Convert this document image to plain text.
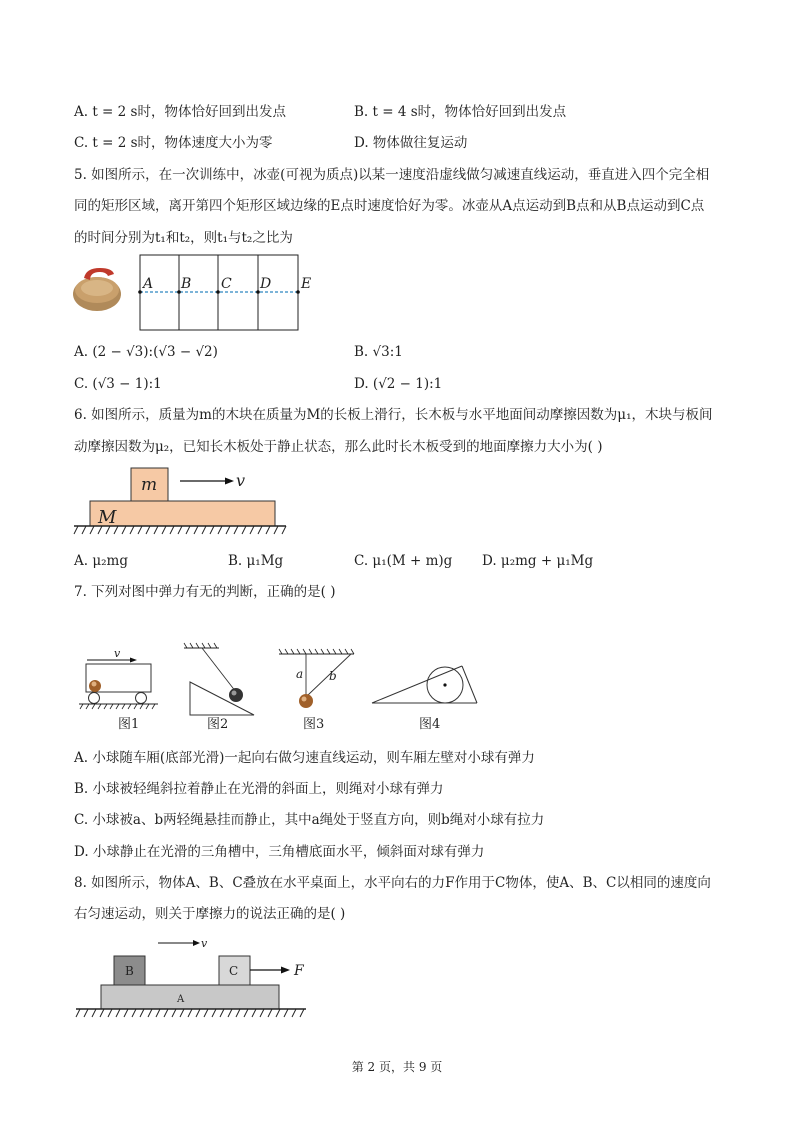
A. t = 2 s时，物体恰好回到出发点	B. t = 4 s时，物体恰好回到出发点
C. t = 2 s时，物体速度大小为零	D. 物体做往复运动
5. 如图所示，在一次训练中，冰壶(可视为质点)以某一速度沿虚线做匀减速直线运动，垂直进入四个完全相
同的矩形区域，离开第四个矩形区域边缘的E点时速度恰好为零。冰壶从A点运动到B点和从B点运动到C点
的时间分别为t₁和t₂，则t₁与t₂之比为
A B C D E
A. (2 − √3):(√3 − √2)	B. √3:1
C. (√3 − 1):1	D. (√2 − 1):1
6. 如图所示，质量为m的木块在质量为M的长板上滑行，长木板与水平地面间动摩擦因数为μ₁，木块与板间
动摩擦因数为μ₂，已知长木板处于静止状态，那么此时长木板受到的地面摩擦力大小为( )
m
M
v
A. μ₂mg	B. μ₁Mg	C. μ₁(M + m)g D. μ₂mg + μ₁Mg
7. 下列对图中弹力有无的判断，正确的是( )
v
a b
图1	图2	图3	图4
A. 小球随车厢(底部光滑)一起向右做匀速直线运动，则车厢左壁对小球有弹力
B. 小球被轻绳斜拉着静止在光滑的斜面上，则绳对小球有弹力
C. 小球被a、b两轻绳悬挂而静止，其中a绳处于竖直方向，则b绳对小球有拉力
D. 小球静止在光滑的三角槽中，三角槽底面水平，倾斜面对球有弹力
8. 如图所示，物体A、B、C叠放在水平桌面上，水平向右的力F作用于C物体，使A、B、C以相同的速度向
右匀速运动，则关于摩擦力的说法正确的是( )
v
F
B	C
A
第 2 页，共 9 页
